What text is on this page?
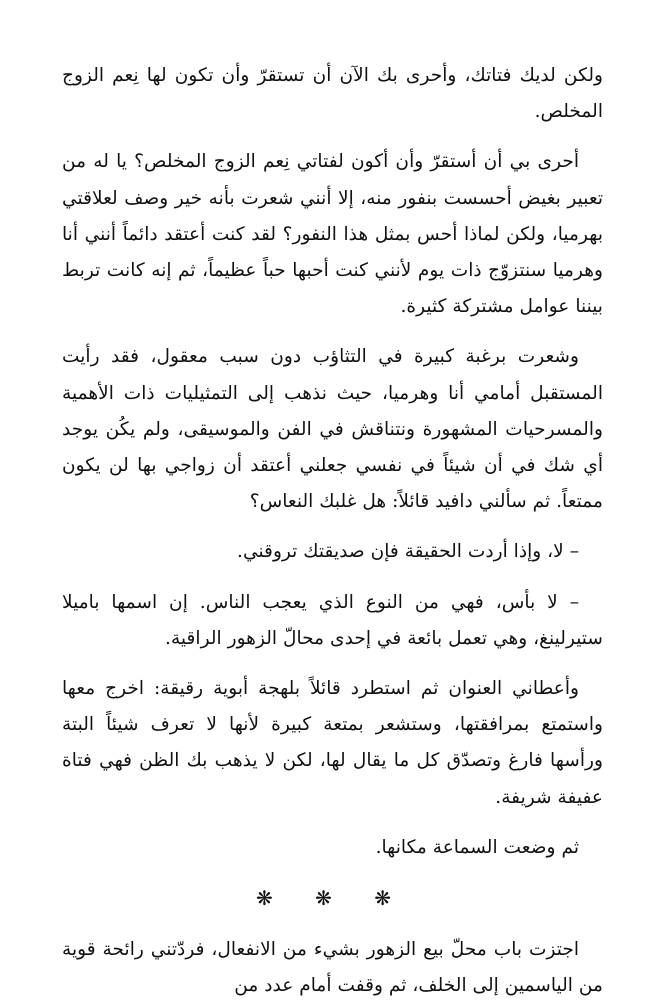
ولكن لديك فتاتك، وأحرى بك الآن أن تستقرّ وأن تكون لها نِعم الزوج المخلص.

أحرى بي أن أستقرّ وأن أكون لفتاتي نِعم الزوج المخلص؟ يا له من تعبير بغيض أحسست بنفور منه، إلا أنني شعرت بأنه خير وصف لعلاقتي بهرميا، ولكن لماذا أحس بمثل هذا النفور؟ لقد كنت أعتقد دائماً أنني أنا وهرميا سنتزوّج ذات يوم لأنني كنت أحبها حباً عظيماً، ثم إنه كانت تربط بيننا عوامل مشتركة كثيرة.

وشعرت برغبة كبيرة في التثاؤب دون سبب معقول، فقد رأيت المستقبل أمامي أنا وهرميا، حيث نذهب إلى التمثيليات ذات الأهمية والمسرحيات المشهورة ونتناقش في الفن والموسيقى، ولم يكُن يوجد أي شك في أن شيئاً في نفسي جعلني أعتقد أن زواجي بها لن يكون ممتعاً. ثم سألني دافيد قائلاً: هل غلبك النعاس؟

– لا، وإذا أردت الحقيقة فإن صديقتك تروقني.

– لا بأس، فهي من النوع الذي يعجب الناس. إن اسمها باميلا ستيرلينغ، وهي تعمل بائعة في إحدى محالّ الزهور الراقية.

وأعطاني العنوان ثم استطرد قائلاً بلهجة أبوية رقيقة: اخرج معها واستمتع بمرافقتها، وستشعر بمتعة كبيرة لأنها لا تعرف شيئاً البتة ورأسها فارغ وتصدّق كل ما يقال لها، لكن لا يذهب بك الظن فهي فتاة عفيفة شريفة.

ثم وضعت السماعة مكانها.

❋ ❋ ❋

اجتزت باب محلّ بيع الزهور بشيء من الانفعال، فردّتني رائحة قوية من الياسمين إلى الخلف، ثم وقفت أمام عدد من
